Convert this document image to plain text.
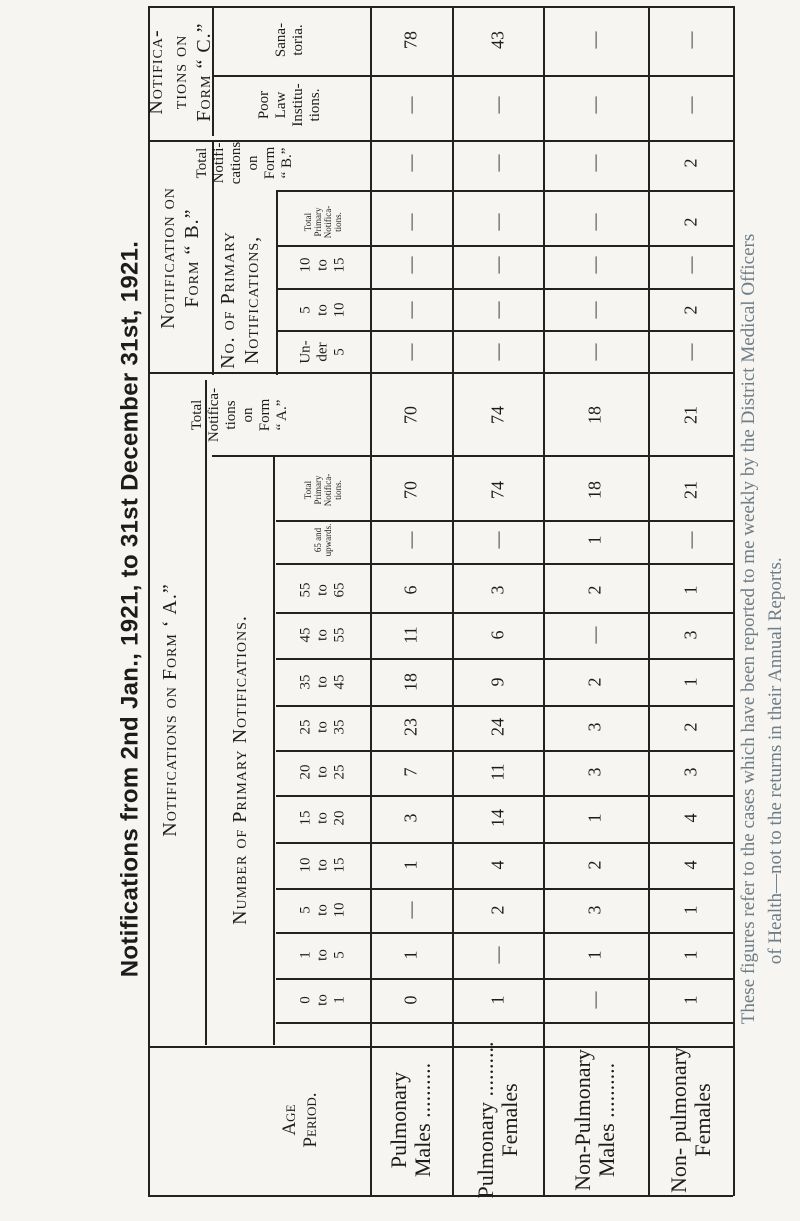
Notifications from 2nd Jan., 1921, to 31st December 31st, 1921.	These figures refer to the cases which have been reported to me weekly by the District Medical Officers of Health—not to the returns in their Annual Reports.
Sana-
toria.
Poor
Law
Institu-
tions.
Total
Notifi-
cations
on
Form
“ B.”
Total
Primary
Notifica-
tions.
10
to
15
5
to
10
Un-
der
5
Total
Notifica-
tions
on
Form
“ A.”
Total
Primary
Notifica-
tions.
65 and
upwards.
55
to
65
45
to
55
35
to
45
25
to
35
20
to
25
15
to
20
10
to
15
5
to
10
1
to
5
0
to
1
Notifica-
tions on
Form “ C.”
Notification on
Form “ B.”
Notifications on Form ‘ A.”
No. of Primary
Notifications,
Number of Primary Notifications.
Age
Period.	Pulmonary
Males ..........
78
—
—
—
—
—
—
70
70
—
6
11
18
23
7
3
1
—
1
0
Pulmonary ..........
Females
43
—
—
—
—
—
—
74
74
—
3
6
9
24
11
14
4
2
—
1
Non-Pulmonary
Males ..........
—
—
—
—
—
—
—
18
18
1
2
—
2
3
3
1
2
3
1
—
Non- pulmonary
Females
—
—
2
2
—
2
—
21
21
—
1
3
1
2
3
4
4
1
1
1
